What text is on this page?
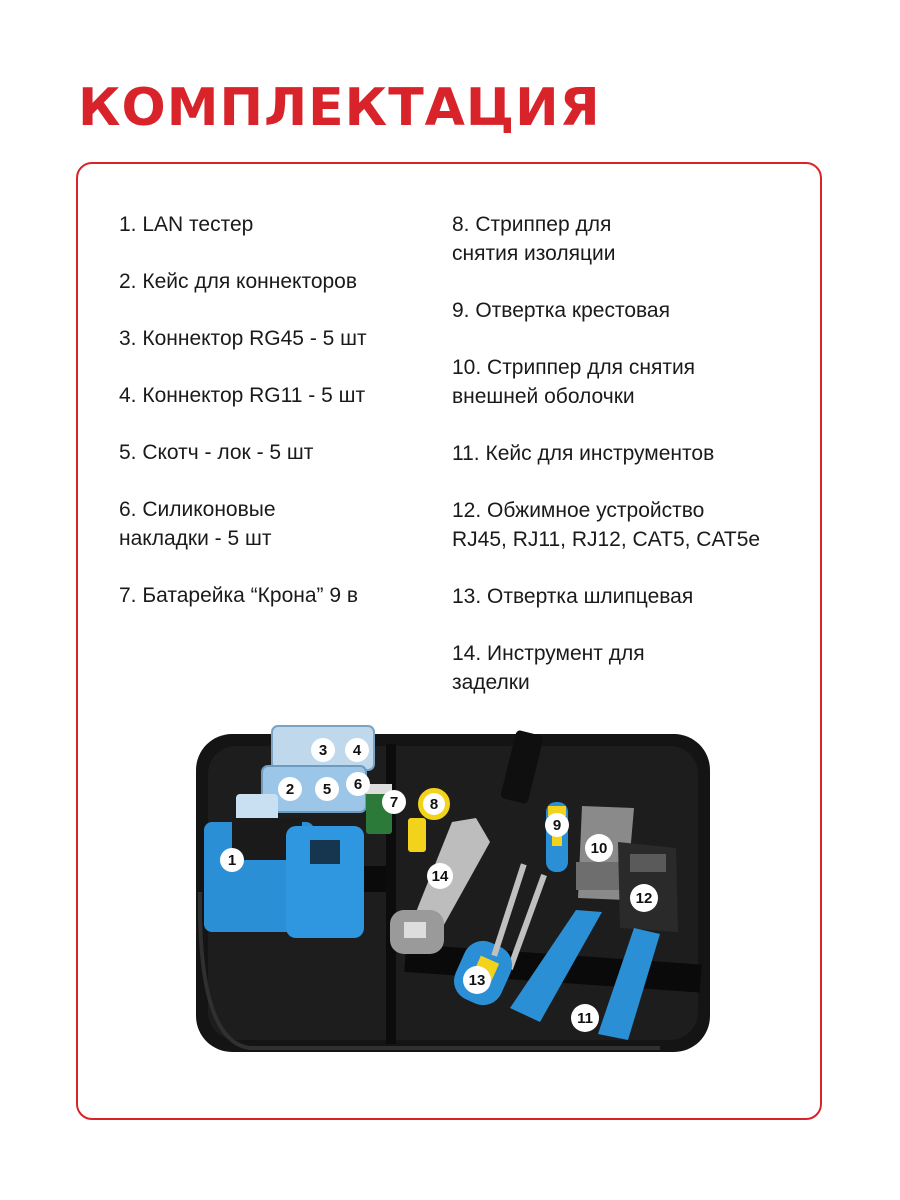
КОМПЛЕКТАЦИЯ
1. LAN тестер
2. Кейс для коннекторов
3. Коннектор RG45 - 5 шт
4. Коннектор RG11 - 5 шт
5. Скотч - лок - 5 шт
6. Силиконовые
накладки - 5 шт
7. Батарейка “Крона” 9 в
8. Стриппер для
снятия изоляции
9. Отвертка крестовая
10. Стриппер для снятия
внешней оболочки
11. Кейс для инструментов
12. Обжимное устройство
RJ45, RJ11, RJ12, CAT5, CAT5e
13. Отвертка шлипцевая
14. Инструмент для
заделки
1
2
3 4
5 6
7 8
9
10
11
12
13
14
